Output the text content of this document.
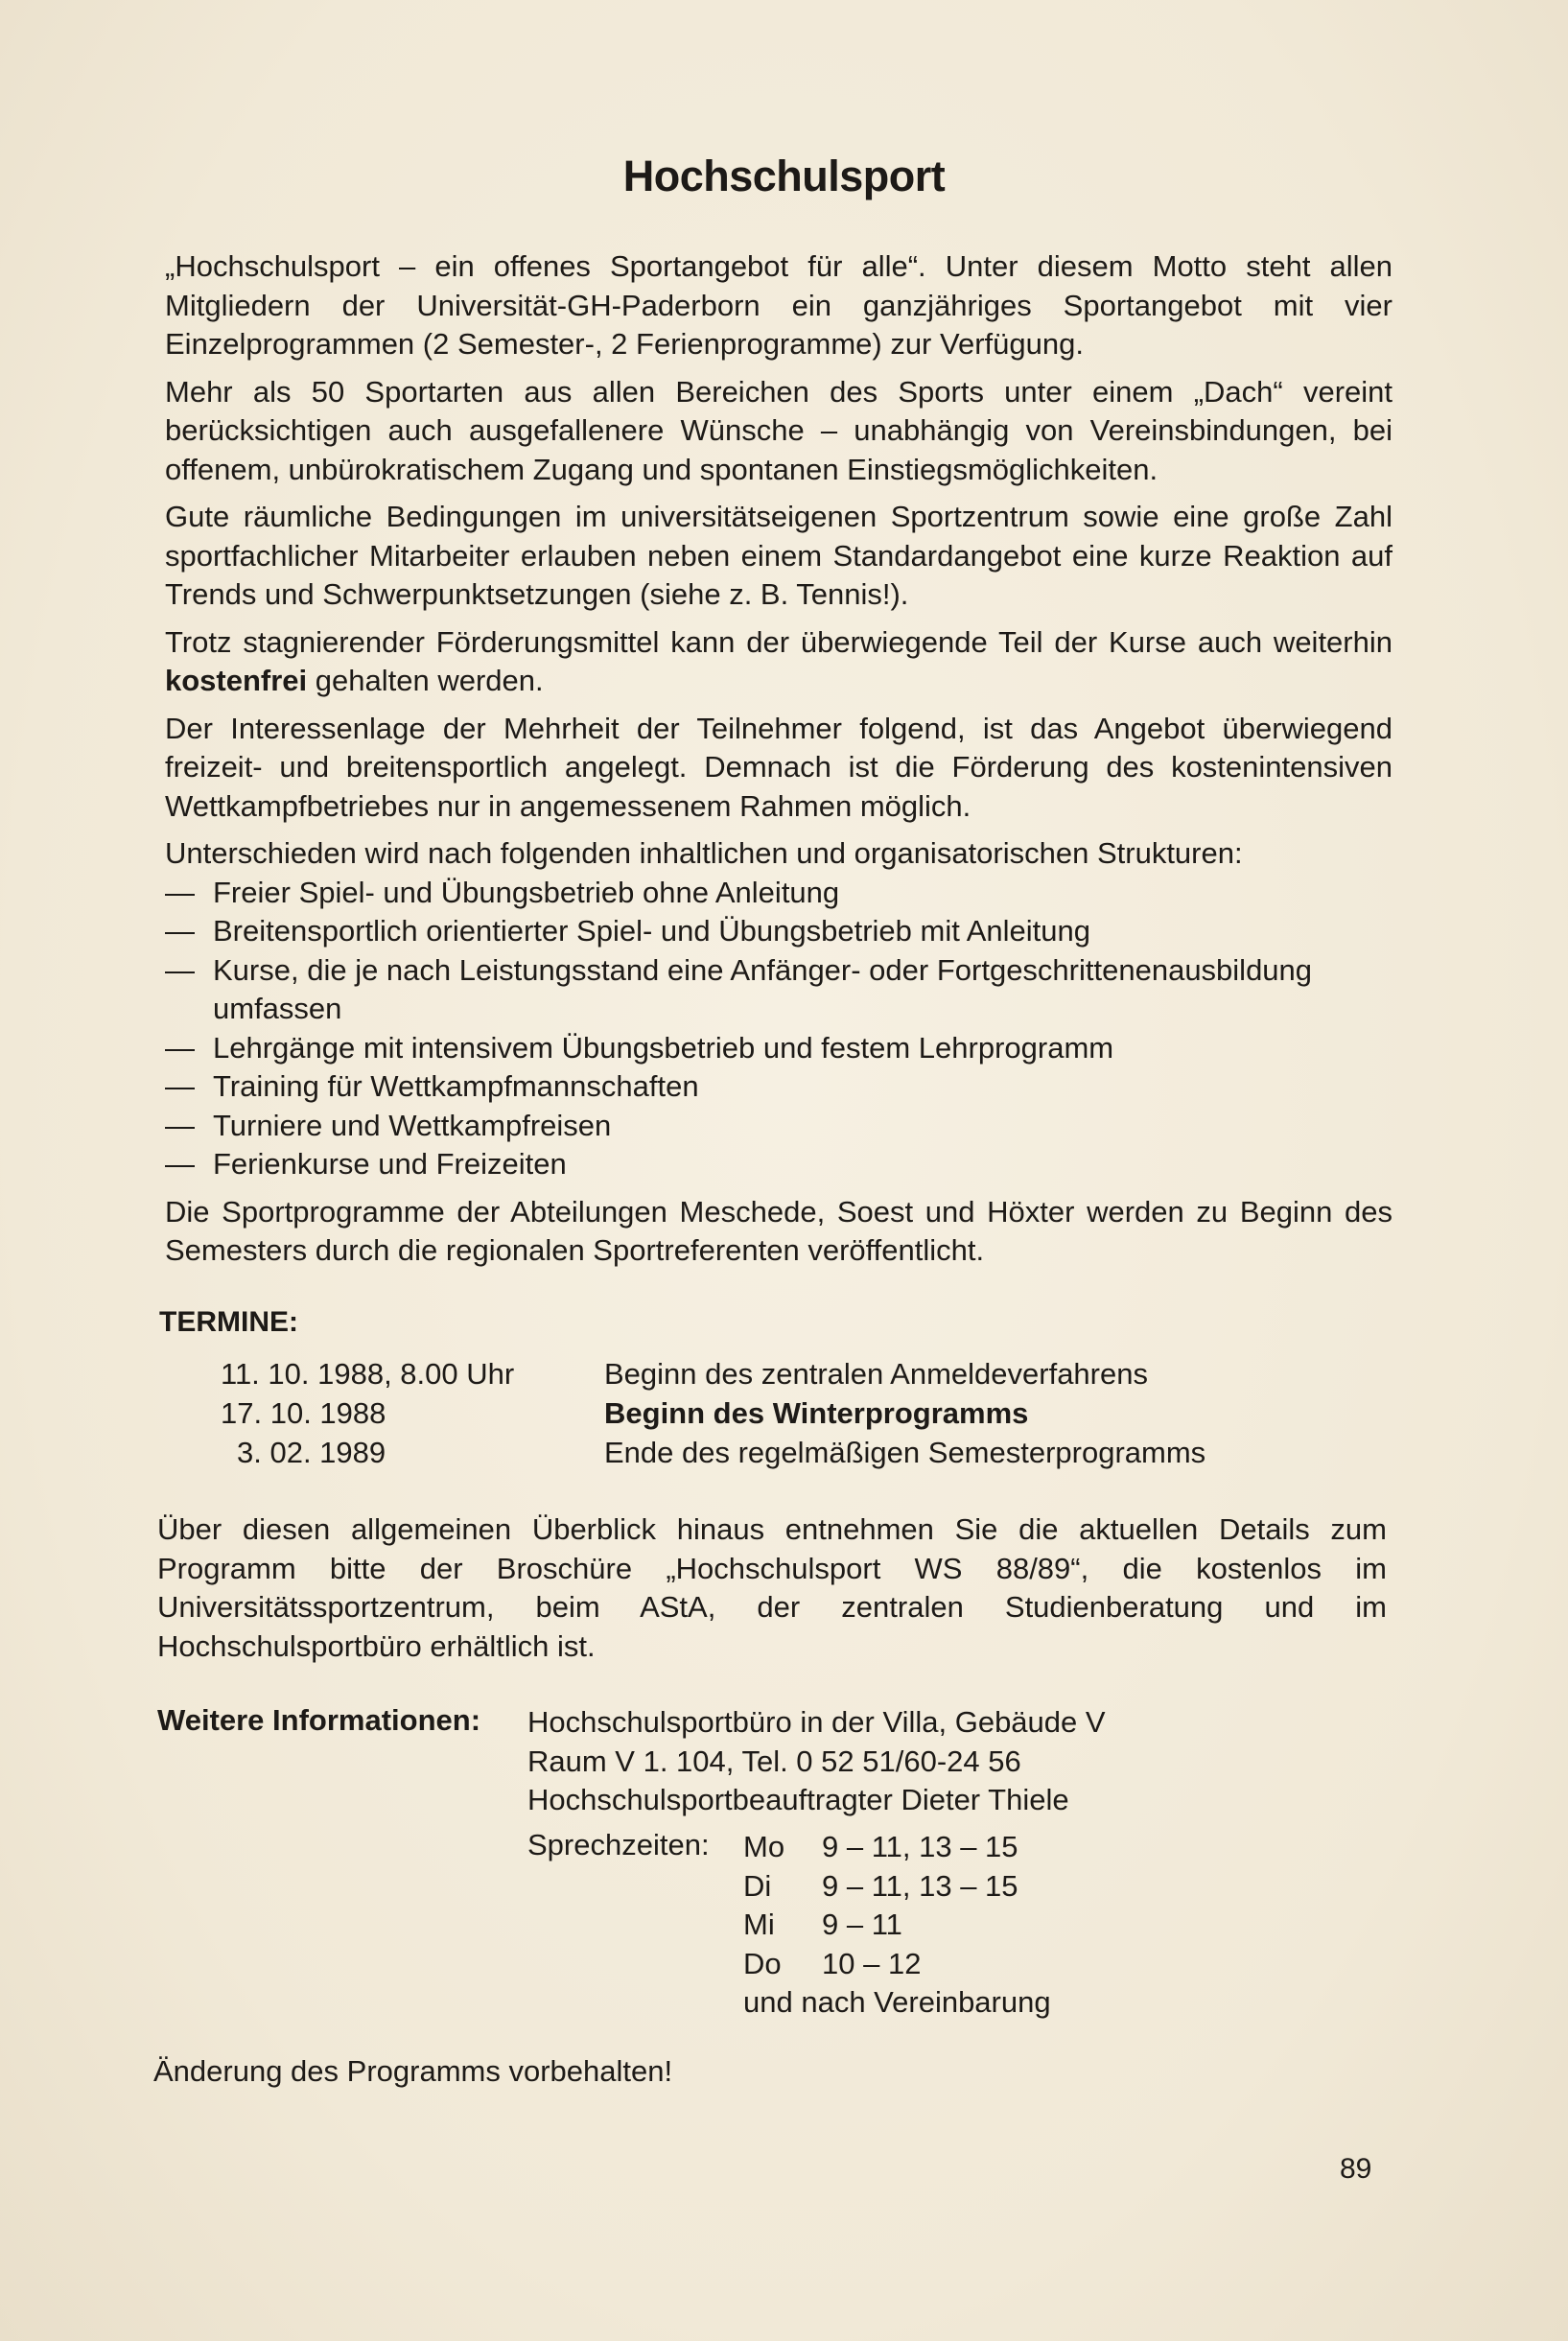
Hochschulsport

„Hochschulsport – ein offenes Sportangebot für alle“. Unter diesem Motto steht allen Mitgliedern der Universität-GH-Paderborn ein ganzjähriges Sportangebot mit vier Einzelprogrammen (2 Semester-, 2 Ferienprogramme) zur Verfügung.

Mehr als 50 Sportarten aus allen Bereichen des Sports unter einem „Dach“ vereint berücksichtigen auch ausgefallenere Wünsche – unabhängig von Vereinsbindungen, bei offenem, unbürokratischem Zugang und spontanen Einstiegsmöglichkeiten.

Gute räumliche Bedingungen im universitätseigenen Sportzentrum sowie eine große Zahl sportfachlicher Mitarbeiter erlauben neben einem Standardangebot eine kurze Reaktion auf Trends und Schwerpunktsetzungen (siehe z. B. Tennis!).

Trotz stagnierender Förderungsmittel kann der überwiegende Teil der Kurse auch weiterhin kostenfrei gehalten werden.

Der Interessenlage der Mehrheit der Teilnehmer folgend, ist das Angebot überwiegend freizeit- und breitensportlich angelegt. Demnach ist die Förderung des kostenintensiven Wettkampfbetriebes nur in angemessenem Rahmen möglich.

Unterschieden wird nach folgenden inhaltlichen und organisatorischen Strukturen:

— Freier Spiel- und Übungsbetrieb ohne Anleitung
— Breitensportlich orientierter Spiel- und Übungsbetrieb mit Anleitung
— Kurse, die je nach Leistungsstand eine Anfänger- oder Fortgeschrittenenausbildung umfassen
— Lehrgänge mit intensivem Übungsbetrieb und festem Lehrprogramm
— Training für Wettkampfmannschaften
— Turniere und Wettkampfreisen
— Ferienkurse und Freizeiten

Die Sportprogramme der Abteilungen Meschede, Soest und Höxter werden zu Beginn des Semesters durch die regionalen Sportreferenten veröffentlicht.

TERMINE:
11. 10. 1988, 8.00 Uhr	Beginn des zentralen Anmeldeverfahrens
17. 10. 1988	Beginn des Winterprogramms
3. 02. 1989	Ende des regelmäßigen Semesterprogramms

Über diesen allgemeinen Überblick hinaus entnehmen Sie die aktuellen Details zum Programm bitte der Broschüre „Hochschulsport WS 88/89“, die kostenlos im Universitätssportzentrum, beim AStA, der zentralen Studienberatung und im Hochschulsportbüro erhältlich ist.

Weitere Informationen: Hochschulsportbüro in der Villa, Gebäude V
Raum V 1. 104, Tel. 0 52 51/60-24 56
Hochschulsportbeauftragter Dieter Thiele
Sprechzeiten: Mo	9 – 11, 13 – 15
Di	9 – 11, 13 – 15
Mi	9 – 11
Do	10 – 12
und nach Vereinbarung	
Änderung des Programms vorbehalten!
89
